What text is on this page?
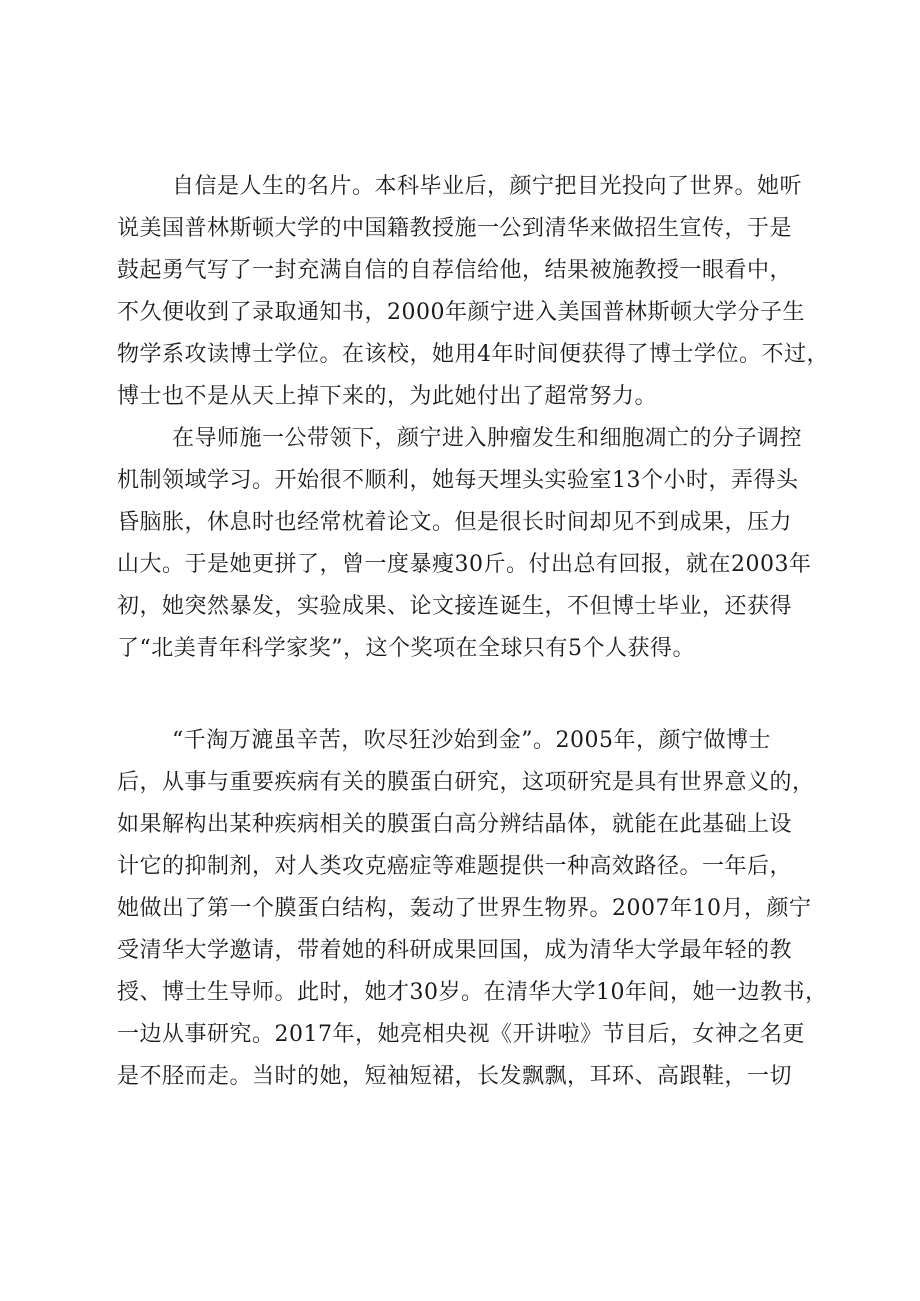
自信是人生的名片。本科毕业后，颜宁把目光投向了世界。她听
说美国普林斯顿大学的中国籍教授施一公到清华来做招生宣传，于是
鼓起勇气写了一封充满自信的自荐信给他，结果被施教授一眼看中，
不久便收到了录取通知书，2000年颜宁进入美国普林斯顿大学分子生
物学系攻读博士学位。在该校，她用4年时间便获得了博士学位。不过，
博士也不是从天上掉下来的，为此她付出了超常努力。
在导师施一公带领下，颜宁进入肿瘤发生和细胞凋亡的分子调控
机制领域学习。开始很不顺利，她每天埋头实验室13个小时，弄得头
昏脑胀，休息时也经常枕着论文。但是很长时间却见不到成果，压力
山大。于是她更拼了，曾一度暴瘦30斤。付出总有回报，就在2003年
初，她突然暴发，实验成果、论文接连诞生，不但博士毕业，还获得
了“北美青年科学家奖”，这个奖项在全球只有5个人获得。
“千淘万漉虽辛苦，吹尽狂沙始到金”。2005年，颜宁做博士
后，从事与重要疾病有关的膜蛋白研究，这项研究是具有世界意义的，
如果解构出某种疾病相关的膜蛋白高分辨结晶体，就能在此基础上设
计它的抑制剂，对人类攻克癌症等难题提供一种高效路径。一年后，
她做出了第一个膜蛋白结构，轰动了世界生物界。2007年10月，颜宁
受清华大学邀请，带着她的科研成果回国，成为清华大学最年轻的教
授、博士生导师。此时，她才30岁。在清华大学10年间，她一边教书，
一边从事研究。2017年，她亮相央视《开讲啦》节目后，女神之名更
是不胫而走。当时的她，短袖短裙，长发飘飘，耳环、高跟鞋，一切
